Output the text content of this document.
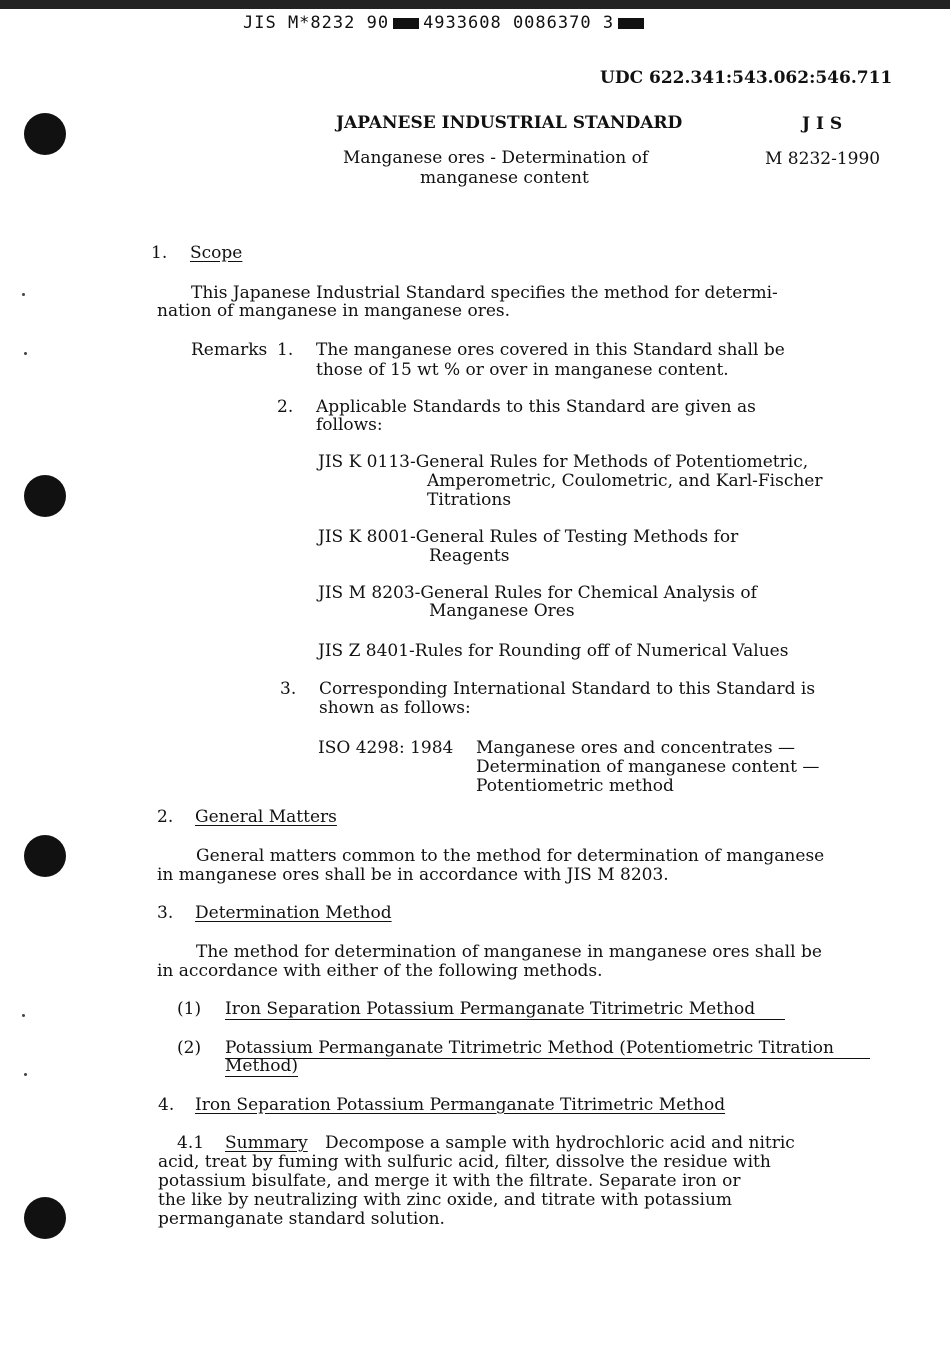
JIS M*8232 90 4933608 0086370 3
UDC 622.341:543.062:546.711
JAPANESE INDUSTRIAL STANDARD	J I S
Manganese ores - Determination of
manganese content
M 8232-1990
1. Scope
This Japanese Industrial Standard specifies the method for determi-
nation of manganese in manganese ores.
Remarks 1. The manganese ores covered in this Standard shall be
those of 15 wt % or over in manganese content.
2. Applicable Standards to this Standard are given as
follows:
JIS K 0113-General Rules for Methods of Potentiometric,
Amperometric, Coulometric, and Karl-Fischer
Titrations
JIS K 8001-General Rules of Testing Methods for
Reagents
JIS M 8203-General Rules for Chemical Analysis of
Manganese Ores
JIS Z 8401-Rules for Rounding off of Numerical Values
3. Corresponding International Standard to this Standard is
shown as follows:
ISO 4298: 1984 Manganese ores and concentrates —
Determination of manganese content —
Potentiometric method
2. General Matters
General matters common to the method for determination of manganese
in manganese ores shall be in accordance with JIS M 8203.
3. Determination Method
The method for determination of manganese in manganese ores shall be
in accordance with either of the following methods.
(1) Iron Separation Potassium Permanganate Titrimetric Method
(2) Potassium Permanganate Titrimetric Method (Potentiometric Titration
Method)
4. Iron Separation Potassium Permanganate Titrimetric Method
4.1 Summary Decompose a sample with hydrochloric acid and nitric
acid, treat by fuming with sulfuric acid, filter, dissolve the residue with
potassium bisulfate, and merge it with the filtrate. Separate iron or
the like by neutralizing with zinc oxide, and titrate with potassium
permanganate standard solution.
